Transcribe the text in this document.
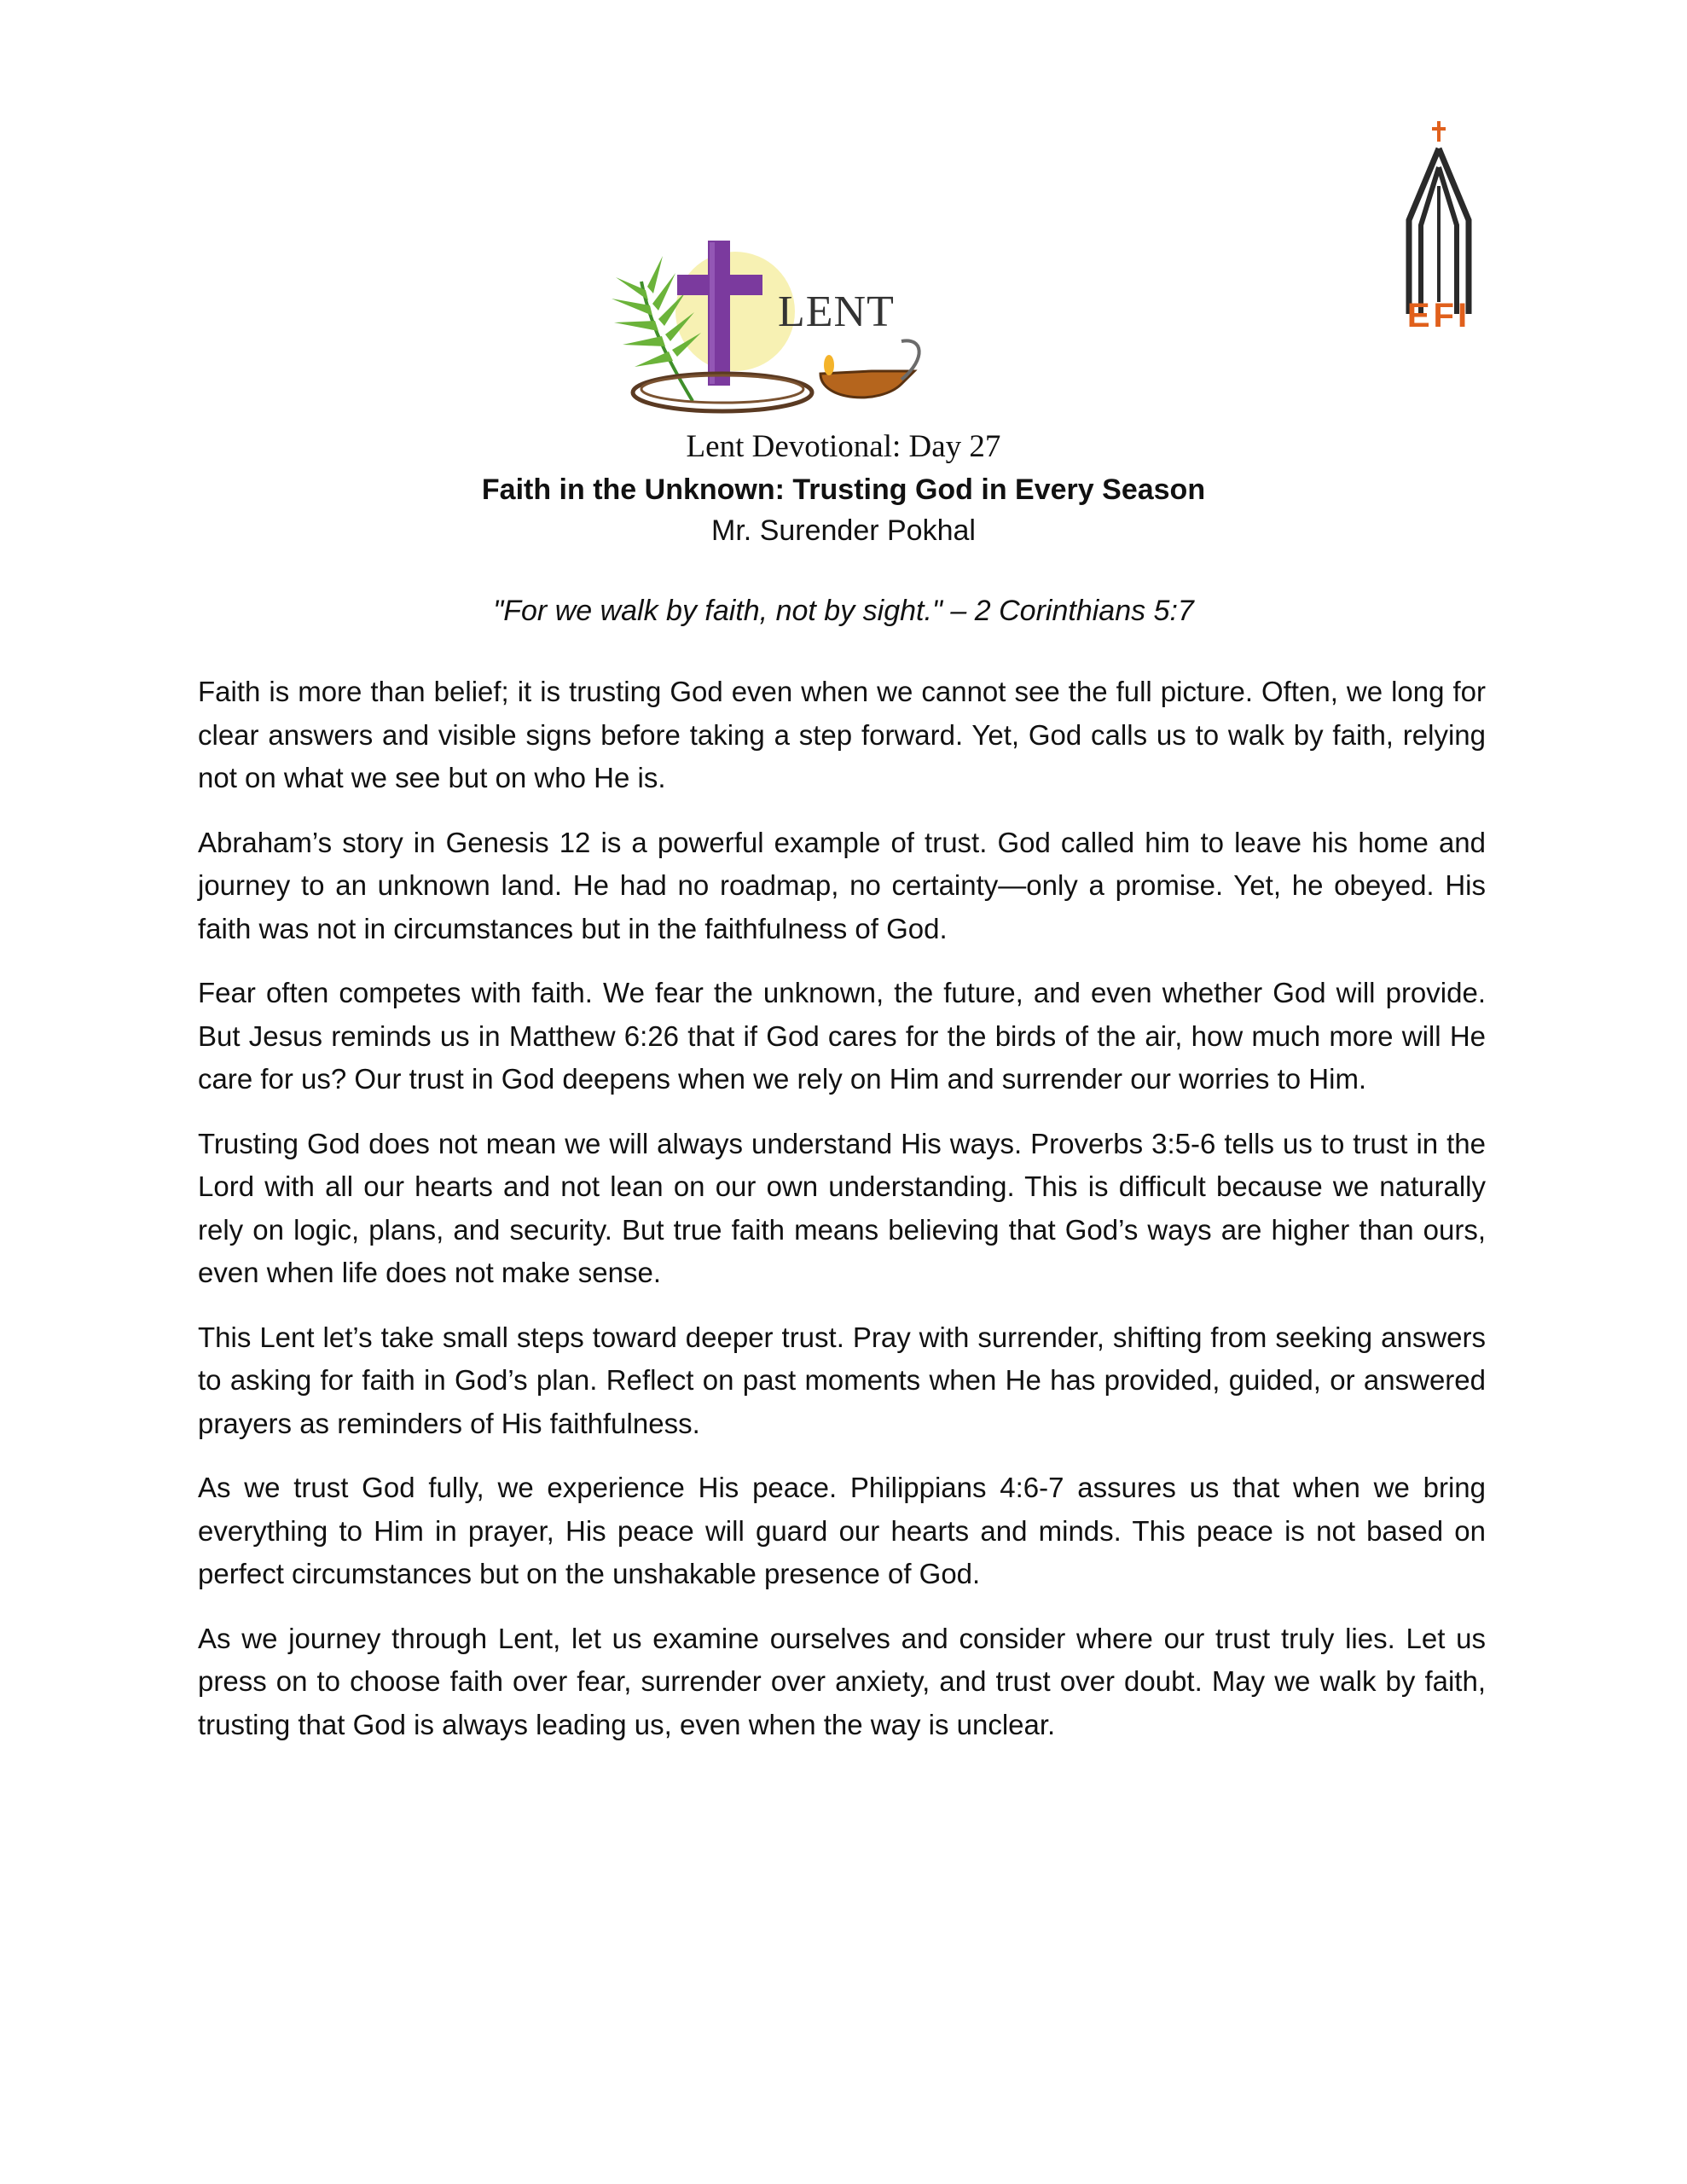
LENT	EFI
Lent Devotional: Day 27
Faith in the Unknown: Trusting God in Every Season
Mr. Surender Pokhal
"For we walk by faith, not by sight." – 2 Corinthians 5:7

Faith is more than belief; it is trusting God even when we cannot see the full picture. Often, we long for clear answers and visible signs before taking a step forward. Yet, God calls us to walk by faith, relying not on what we see but on who He is.

Abraham’s story in Genesis 12 is a powerful example of trust. God called him to leave his home and journey to an unknown land. He had no roadmap, no certainty—only a promise. Yet, he obeyed. His faith was not in circumstances but in the faithfulness of God.

Fear often competes with faith. We fear the unknown, the future, and even whether God will provide. But Jesus reminds us in Matthew 6:26 that if God cares for the birds of the air, how much more will He care for us? Our trust in God deepens when we rely on Him and surrender our worries to Him.

Trusting God does not mean we will always understand His ways. Proverbs 3:5-6 tells us to trust in the Lord with all our hearts and not lean on our own understanding. This is difficult because we naturally rely on logic, plans, and security. But true faith means believing that God’s ways are higher than ours, even when life does not make sense.

This Lent let’s take small steps toward deeper trust. Pray with surrender, shifting from seeking answers to asking for faith in God’s plan. Reflect on past moments when He has provided, guided, or answered prayers as reminders of His faithfulness.

As we trust God fully, we experience His peace. Philippians 4:6-7 assures us that when we bring everything to Him in prayer, His peace will guard our hearts and minds. This peace is not based on perfect circumstances but on the unshakable presence of God.

As we journey through Lent, let us examine ourselves and consider where our trust truly lies. Let us press on to choose faith over fear, surrender over anxiety, and trust over doubt. May we walk by faith, trusting that God is always leading us, even when the way is unclear.
